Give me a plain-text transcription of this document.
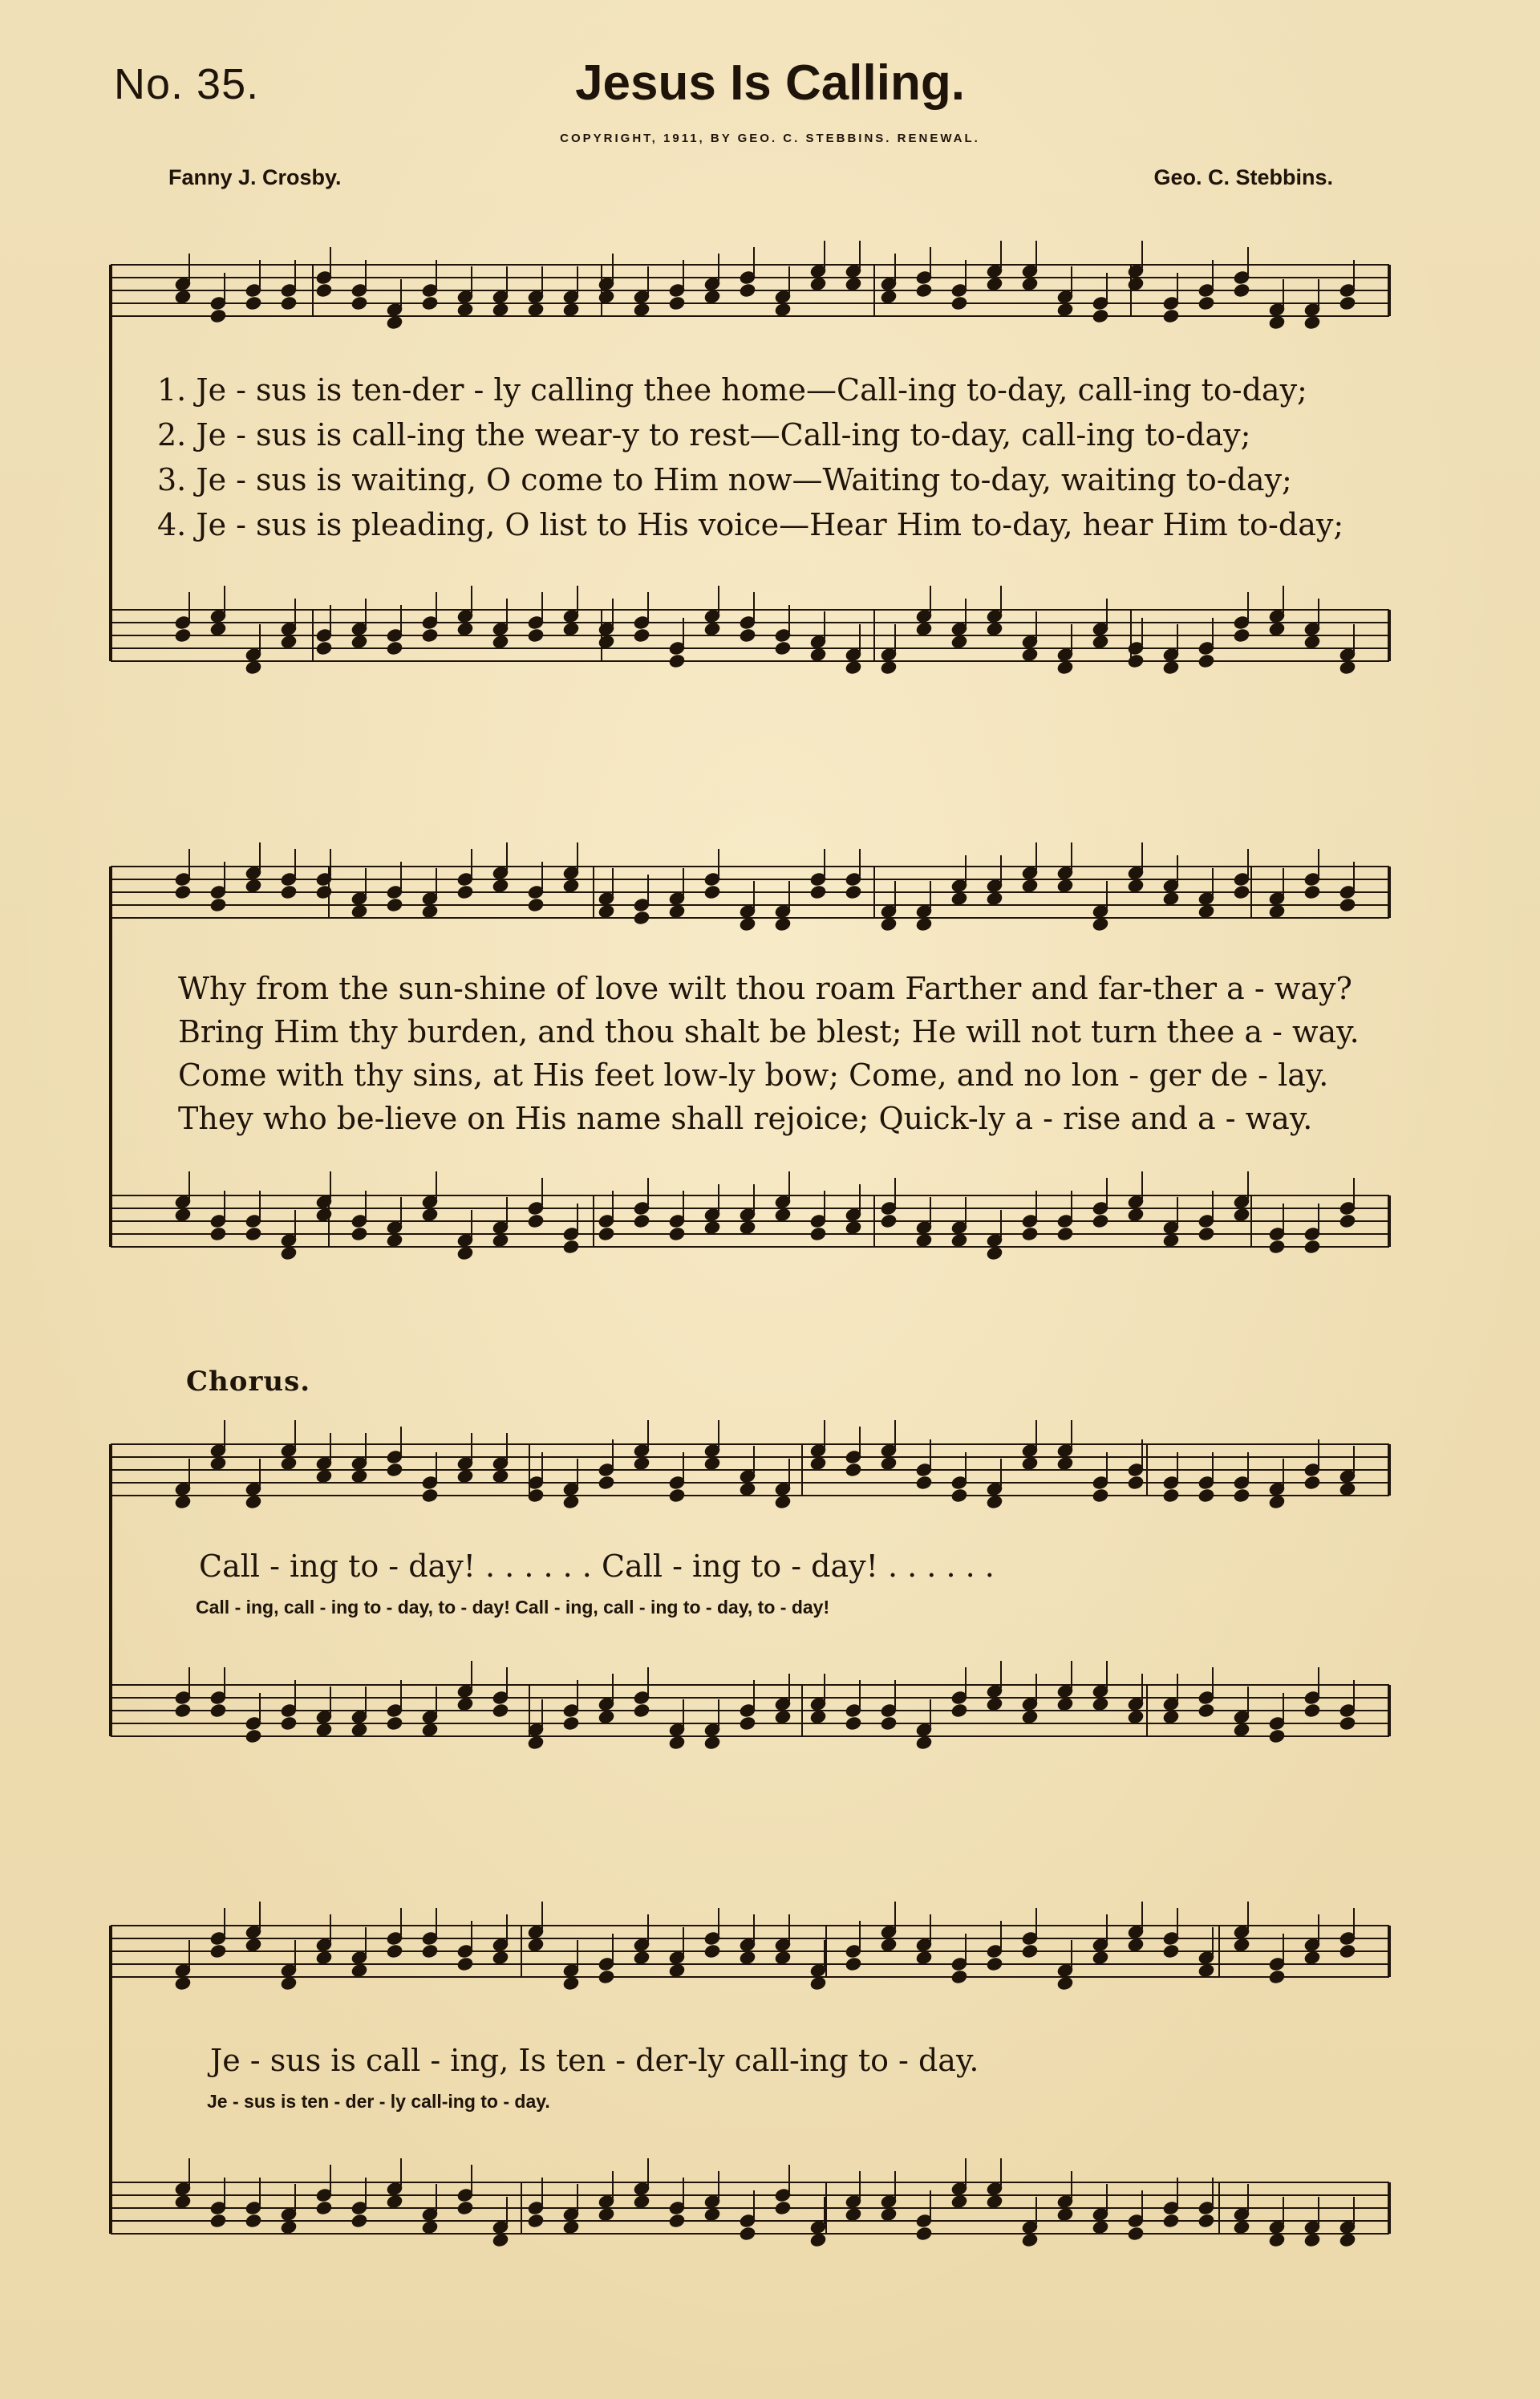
No. 35.	Jesus Is Calling.
COPYRIGHT, 1911, BY GEO. C. STEBBINS. RENEWAL.
Fanny J. Crosby.	Geo. C. Stebbins.
1. Je - sus is ten-der - ly calling thee home—Call-ing to-day, call-ing to-day;
2. Je - sus is call-ing the wear-y to rest—Call-ing to-day, call-ing to-day;
3. Je - sus is waiting, O come to Him now—Waiting to-day, waiting to-day;
4. Je - sus is pleading, O list to His voice—Hear Him to-day, hear Him to-day;
Why from the sun-shine of love wilt thou roam Farther and far-ther a - way?
Bring Him thy burden, and thou shalt be blest; He will not turn thee a - way.
Come with thy sins, at His feet low-ly bow; Come, and no lon - ger de - lay.
They who be-lieve on His name shall rejoice; Quick-ly a - rise and a - way.
Chorus.
Call - ing to - day! . . . . . . Call - ing to - day! . . . . . .
Call - ing, call - ing to - day, to - day! Call - ing, call - ing to - day, to - day!
Je - sus is call - ing, Is ten - der-ly call-ing to - day.
Je - sus is ten - der - ly call-ing to - day.
